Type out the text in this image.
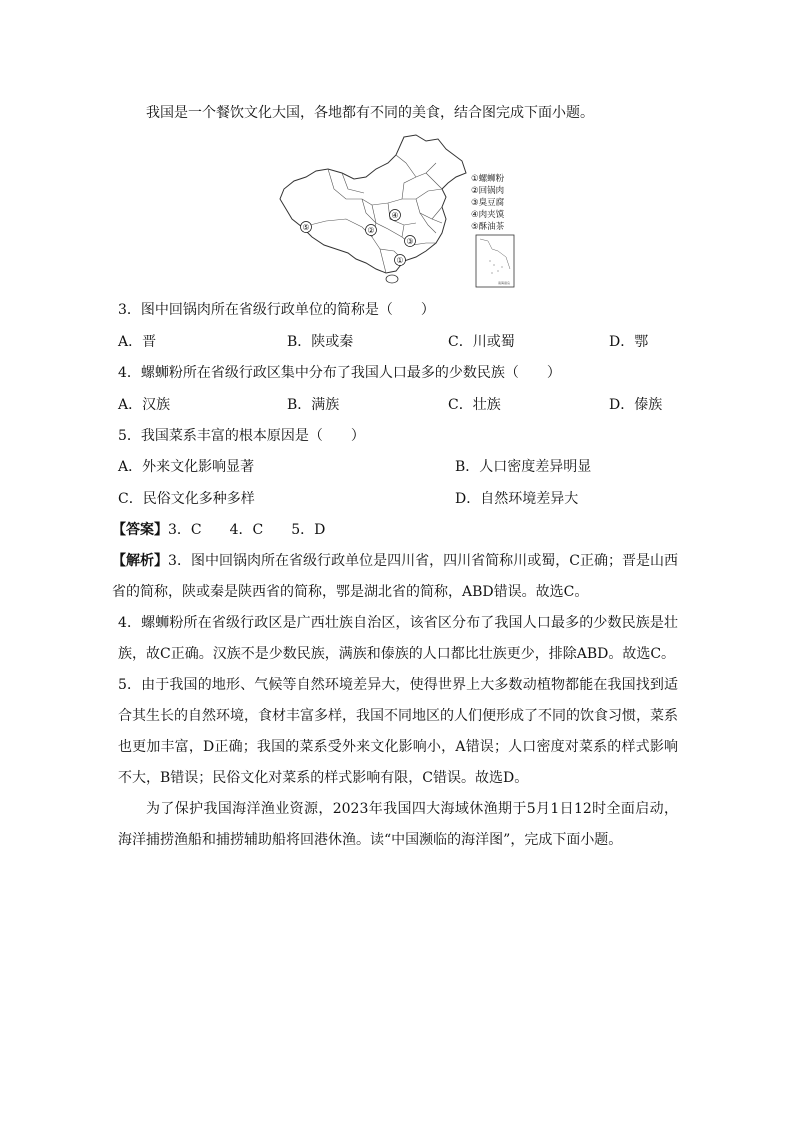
我国是一个餐饮文化大国，各地都有不同的美食，结合图完成下面小题。
⑤	②
④
③
①
①螺蛳粉
②回锅肉
③臭豆腐
④肉夹馍
⑤酥油茶
南海诸岛
3．图中回锅肉所在省级行政单位的简称是（　　）
A．晋	B．陕或秦	C．川或蜀	D．鄂
4．螺蛳粉所在省级行政区集中分布了我国人口最多的少数民族（　　）
A．汉族	B．满族	C．壮族	D．傣族
5．我国菜系丰富的根本原因是（　　）
A．外来文化影响显著	B．人口密度差异明显
C．民俗文化多种多样	D．自然环境差异大
【答案】3．C　　4．C　　5．D
【解析】3．图中回锅肉所在省级行政单位是四川省，四川省简称川或蜀，C正确；晋是山西省的简称，陕或秦是陕西省的简称，鄂是湖北省的简称，ABD错误。故选C。
4．螺蛳粉所在省级行政区是广西壮族自治区，该省区分布了我国人口最多的少数民族是壮族，故C正确。汉族不是少数民族，满族和傣族的人口都比壮族更少，排除ABD。故选C。
5．由于我国的地形、气候等自然环境差异大，使得世界上大多数动植物都能在我国找到适合其生长的自然环境，食材丰富多样，我国不同地区的人们便形成了不同的饮食习惯，菜系也更加丰富，D正确；我国的菜系受外来文化影响小，A错误；人口密度对菜系的样式影响不大，B错误；民俗文化对菜系的样式影响有限，C错误。故选D。
为了保护我国海洋渔业资源，2023年我国四大海域休渔期于5月1日12时全面启动，海洋捕捞渔船和捕捞辅助船将回港休渔。读“中国濒临的海洋图”，完成下面小题。
